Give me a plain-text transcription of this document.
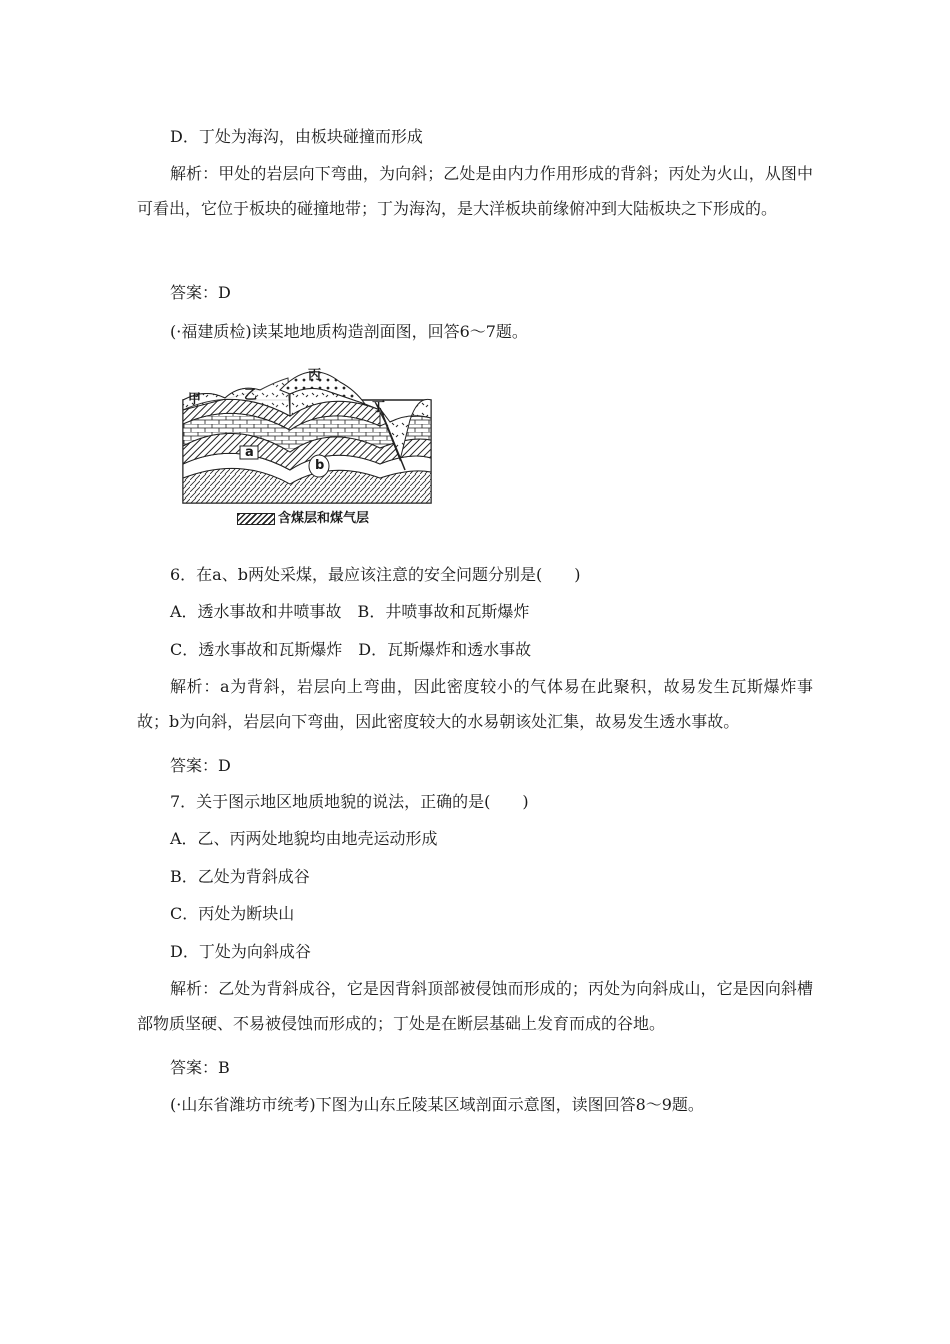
D．丁处为海沟，由板块碰撞而形成
解析：甲处的岩层向下弯曲，为向斜；乙处是由内力作用形成的背斜；丙处为火山，从图中可看出，它位于板块的碰撞地带；丁为海沟，是大洋板块前缘俯冲到大陆板块之下形成的。
答案：D
(·福建质检)读某地地质构造剖面图，回答6～7题。
甲	乙
丙
丁
a
b
含煤层和煤气层
6．在a、b两处采煤，最应该注意的安全问题分别是(　　)
A．透水事故和井喷事故　B．井喷事故和瓦斯爆炸
C．透水事故和瓦斯爆炸　D．瓦斯爆炸和透水事故
解析：a为背斜，岩层向上弯曲，因此密度较小的气体易在此聚积，故易发生瓦斯爆炸事故；b为向斜，岩层向下弯曲，因此密度较大的水易朝该处汇集，故易发生透水事故。
答案：D
7．关于图示地区地质地貌的说法，正确的是(　　)
A．乙、丙两处地貌均由地壳运动形成
B．乙处为背斜成谷
C．丙处为断块山
D．丁处为向斜成谷
解析：乙处为背斜成谷，它是因背斜顶部被侵蚀而形成的；丙处为向斜成山，它是因向斜槽部物质坚硬、不易被侵蚀而形成的；丁处是在断层基础上发育而成的谷地。
答案：B
(·山东省潍坊市统考)下图为山东丘陵某区域剖面示意图，读图回答8～9题。
